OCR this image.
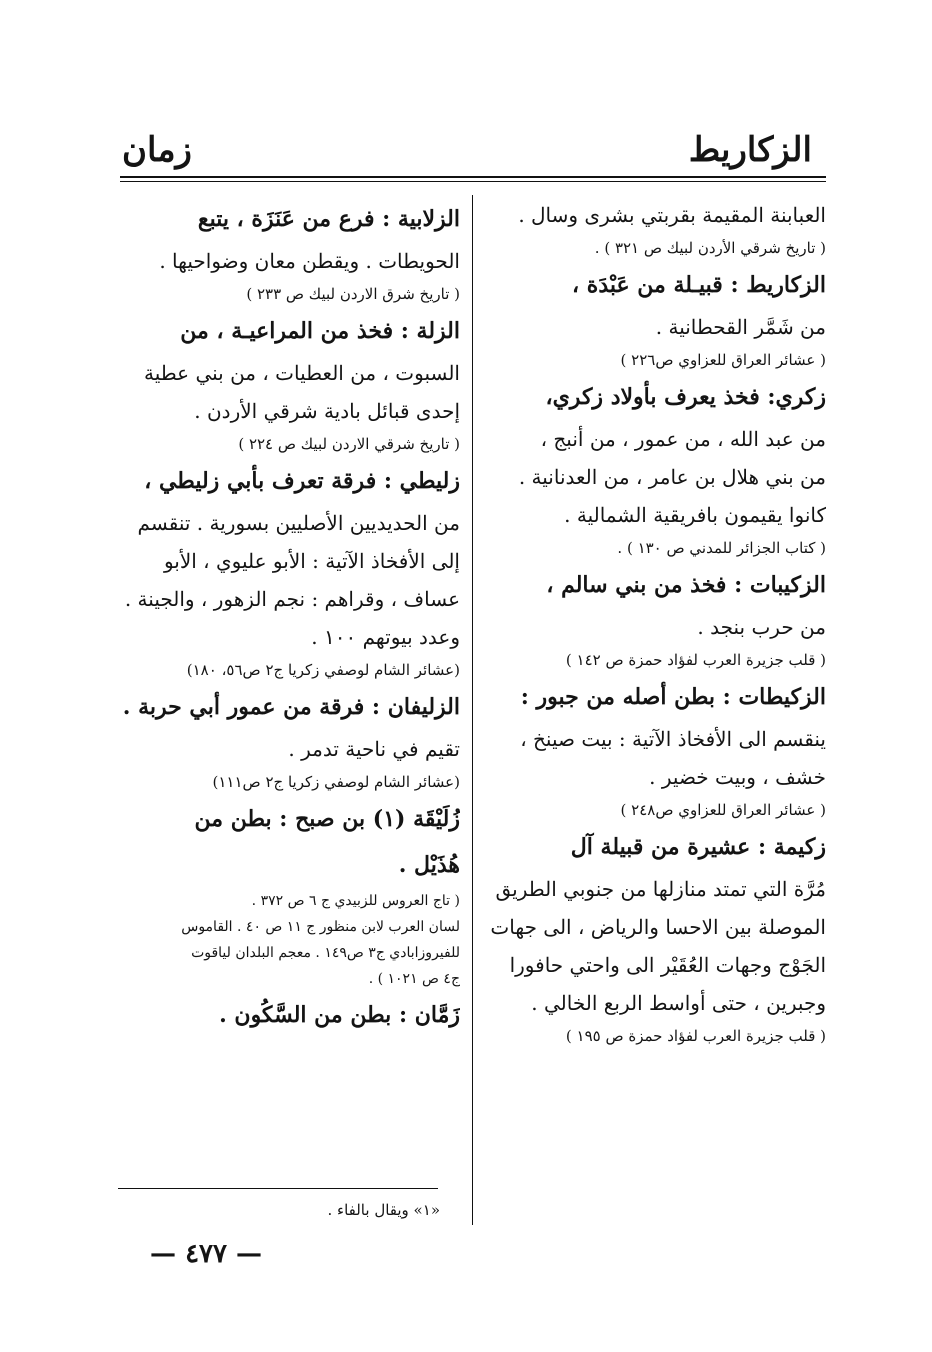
الزكاريط
زمان
العبابنة المقيمة بقربتي بشرى وسال .
( تاريخ شرقي الأردن لبيك ص ٣٢١ ) .
الزكاريط : قبيـلة من عَبْدَة ،
من شَمَّر القحطانية .
( عشائر العراق للعزاوي ص٢٢٦ )
زكري: فخذ يعرف بأولاد زكري،
من عبد الله ، من عمور ، من أنبج ،
من بني هلال بن عامر ، من العدنانية .
كانوا يقيمون بافريقية الشمالية .
( كتاب الجزائر للمدني ص ١٣٠ ) .
الزكيبات : فخذ من بني سالم ،
من حرب بنجد .
( قلب جزيرة العرب لفؤاد حمزة ص ١٤٢ )
الزكيطات : بطن أصله من جبور :
ينقسم الى الأفخاذ الآتية : بيت صينخ ،
خشف ، وبيت خضير .
( عشائر العراق للعزاوي ص٢٤٨ )
زكيمة : عشيرة من قبيلة آل
مُرَّة التي تمتد منازلها من جنوبي الطريق
الموصلة بين الاحسا والرياض ، الى جهات
الجَوْج وجهات العُقَيْر الى واحتي حافورا
وجبرين ، حتى أواسط الربع الخالي .
( قلب جزيرة العرب لفؤاد حمزة ص ١٩٥ )
الزلابية : فرع من عَنَزَة ، يتبع
الحويطات . ويقطن معان وضواحيها .
( تاريخ شرق الاردن لبيك ص ٢٣٣ )
الزلة : فخذ من المراعيـة ، من
السبوت ، من العطيات ، من بني عطية
إحدى قبائل بادية شرقي الأردن .
( تاريخ شرقي الاردن لبيك ص ٢٢٤ )
زليطي : فرقة تعرف بأبي زليطي ،
من الحديديين الأصليين بسورية . تنقسم
إلى الأفخاذ الآتية : الأبو عليوي ، الأبو
عساف ، وقراهم : نجم الزهور ، والجينة .
وعدد بيوتهم ١٠٠ .
(عشائر الشام لوصفي زكريا ج٢ ص٥٦، ١٨٠)
الزليفان : فرقة من عمور أبي حربة .
تقيم في ناحية تدمر .
(عشائر الشام لوصفي زكريا ج٢ ص١١١)
زُلَيْقَة (١) بن صبح : بطن من
هُذَيْل .
( تاج العروس للزبيدي ج ٦ ص ٣٧٢ .
لسان العرب لابن منظور ج ١١ ص ٤٠ . القاموس
للفيروزابادي ج٣ ص١٤٩ . معجم البلدان لياقوت
ج٤ ص ١٠٢١ ) .
زَمَّان : بطن من السَّكُون .
«١» ويقال بالفاء .
— ٤٧٧ —
